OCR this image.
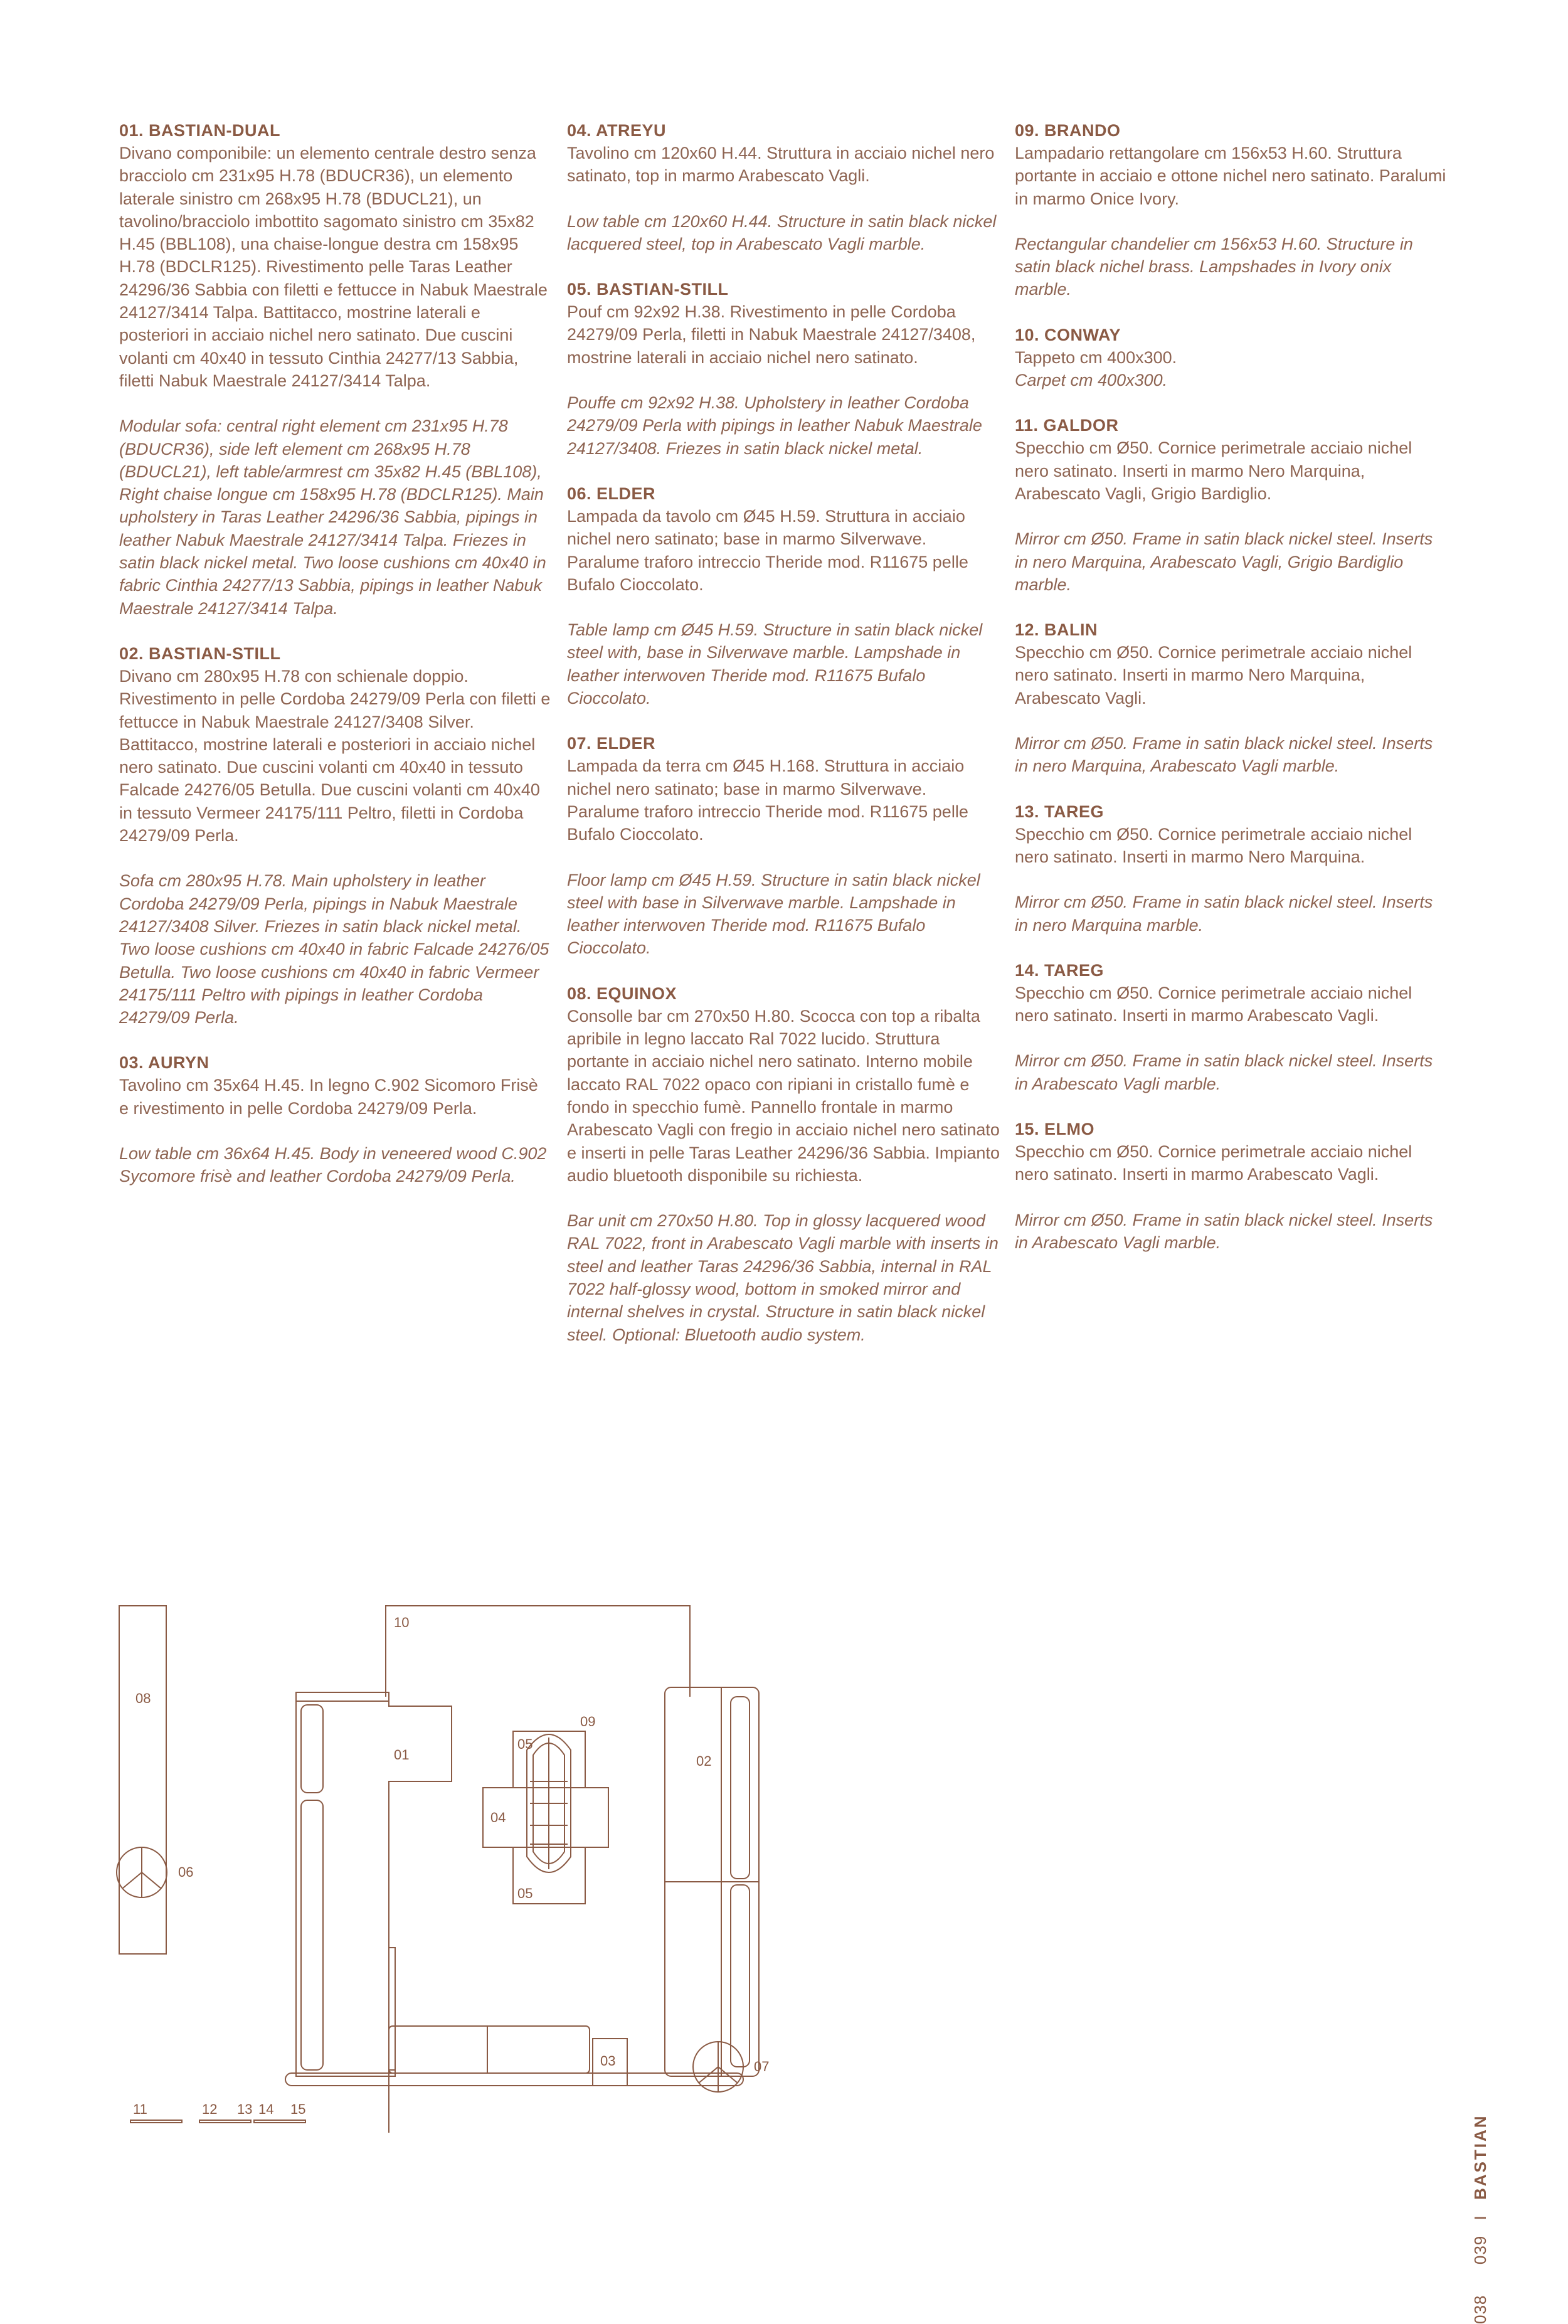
01. BASTIAN-DUAL

Divano componibile: un elemento centrale destro senza bracciolo cm 231x95 H.78 (BDUCR36), un elemento laterale sinistro cm 268x95 H.78 (BDUCL21), un tavolino/bracciolo imbottito sagomato sinistro cm 35x82 H.45 (BBL108), una chaise-longue destra cm 158x95 H.78 (BDCLR125). Rivestimento pelle Taras Leather 24296/36 Sabbia con filetti e fettucce in Nabuk Maestrale 24127/3414 Talpa. Battitacco, mostrine laterali e posteriori in acciaio nichel nero satinato. Due cuscini volanti cm 40x40 in tessuto Cinthia 24277/13 Sabbia, filetti Nabuk Maestrale 24127/3414 Talpa.

Modular sofa: central right element cm 231x95 H.78 (BDUCR36), side left element cm 268x95 H.78 (BDUCL21), left table/armrest cm 35x82 H.45 (BBL108), Right chaise longue cm 158x95 H.78 (BDCLR125). Main upholstery in Taras Leather 24296/36 Sabbia, pipings in leather Nabuk Maestrale 24127/3414 Talpa. Friezes in satin black nickel metal. Two loose cushions cm 40x40 in fabric Cinthia 24277/13 Sabbia, pipings in leather Nabuk Maestrale 24127/3414 Talpa.

02. BASTIAN-STILL

Divano cm 280x95 H.78 con schienale doppio. Rivestimento in pelle Cordoba 24279/09 Perla con filetti e fettucce in Nabuk Maestrale 24127/3408 Silver. Battitacco, mostrine laterali e posteriori in acciaio nichel nero satinato. Due cuscini volanti cm 40x40 in tessuto Falcade 24276/05 Betulla. Due cuscini volanti cm 40x40 in tessuto Vermeer 24175/111 Peltro, filetti in Cordoba 24279/09 Perla.

Sofa cm 280x95 H.78. Main upholstery in leather Cordoba 24279/09 Perla, pipings in Nabuk Maestrale 24127/3408 Silver. Friezes in satin black nickel metal. Two loose cushions cm 40x40 in fabric Falcade 24276/05 Betulla. Two loose cushions cm 40x40 in fabric Vermeer 24175/111 Peltro with pipings in leather Cordoba 24279/09 Perla.

03. AURYN

Tavolino cm 35x64 H.45. In legno C.902 Sicomoro Frisè e rivestimento in pelle Cordoba 24279/09 Perla.

Low table cm 36x64 H.45. Body in veneered wood C.902 Sycomore frisè and leather Cordoba 24279/09 Perla.

04. ATREYU

Tavolino cm 120x60 H.44. Struttura in acciaio nichel nero satinato, top in marmo Arabescato Vagli.

Low table cm 120x60 H.44. Structure in satin black nickel lacquered steel, top in Arabescato Vagli marble.

05. BASTIAN-STILL

Pouf cm 92x92 H.38. Rivestimento in pelle Cordoba 24279/09 Perla, filetti in Nabuk Maestrale 24127/3408, mostrine laterali in acciaio nichel nero satinato.

Pouffe cm 92x92 H.38. Upholstery in leather Cordoba 24279/09 Perla with pipings in leather Nabuk Maestrale 24127/3408. Friezes in satin black nickel metal.

06. ELDER

Lampada da tavolo cm Ø45 H.59. Struttura in acciaio nichel nero satinato; base in marmo Silverwave. Paralume traforo intreccio Theride mod. R11675 pelle Bufalo Cioccolato.

Table lamp cm Ø45 H.59. Structure in satin black nickel steel with, base in Silverwave marble. Lampshade in leather interwoven Theride mod. R11675 Bufalo Cioccolato.

07. ELDER

Lampada da terra cm Ø45 H.168. Struttura in acciaio nichel nero satinato; base in marmo Silverwave. Paralume traforo intreccio Theride mod. R11675 pelle Bufalo Cioccolato.

Floor lamp cm Ø45 H.59. Structure in satin black nickel steel with base in Silverwave marble. Lampshade in leather interwoven Theride mod. R11675 Bufalo Cioccolato.

08. EQUINOX

Consolle bar cm 270x50 H.80. Scocca con top a ribalta apribile in legno laccato Ral 7022 lucido. Struttura portante in acciaio nichel nero satinato. Interno mobile laccato RAL 7022 opaco con ripiani in cristallo fumè e fondo in specchio fumè. Pannello frontale in marmo Arabescato Vagli con fregio in acciaio nichel nero satinato e inserti in pelle Taras Leather 24296/36 Sabbia. Impianto audio bluetooth disponibile su richiesta.

Bar unit cm 270x50 H.80. Top in glossy lacquered wood RAL 7022, front in Arabescato Vagli marble with inserts in steel and leather Taras 24296/36 Sabbia, internal in RAL 7022 half-glossy wood, bottom in smoked mirror and internal shelves in crystal. Structure in satin black nickel steel. Optional: Bluetooth audio system.

09. BRANDO

Lampadario rettangolare cm 156x53 H.60. Struttura portante in acciaio e ottone nichel nero satinato. Paralumi in marmo Onice Ivory.

Rectangular chandelier cm 156x53 H.60. Structure in satin black nichel brass. Lampshades in Ivory onix marble.

10. CONWAY

Tappeto cm 400x300.

Carpet cm 400x300.

11. GALDOR

Specchio cm Ø50. Cornice perimetrale acciaio nichel nero satinato. Inserti in marmo Nero Marquina, Arabescato Vagli, Grigio Bardiglio.

Mirror cm Ø50. Frame in satin black nickel steel. Inserts in nero Marquina, Arabescato Vagli, Grigio Bardiglio marble.

12. BALIN

Specchio cm Ø50. Cornice perimetrale acciaio nichel nero satinato. Inserti in marmo Nero Marquina, Arabescato Vagli.

Mirror cm Ø50. Frame in satin black nickel steel. Inserts in nero Marquina, Arabescato Vagli marble.

13. TAREG

Specchio cm Ø50. Cornice perimetrale acciaio nichel nero satinato. Inserti in marmo Nero Marquina.

Mirror cm Ø50. Frame in satin black nickel steel. Inserts in nero Marquina marble.

14. TAREG

Specchio cm Ø50. Cornice perimetrale acciaio nichel nero satinato. Inserti in marmo Arabescato Vagli.

Mirror cm Ø50. Frame in satin black nickel steel. Inserts in Arabescato Vagli marble.

15. ELMO

Specchio cm Ø50. Cornice perimetrale acciaio nichel nero satinato. Inserti in marmo Arabescato Vagli.

Mirror cm Ø50. Frame in satin black nickel steel. Inserts in Arabescato Vagli marble.

08
06
10
01
03
02
04
05
05
09
07
11	12 13 14 15
038  039 I BASTIAN
